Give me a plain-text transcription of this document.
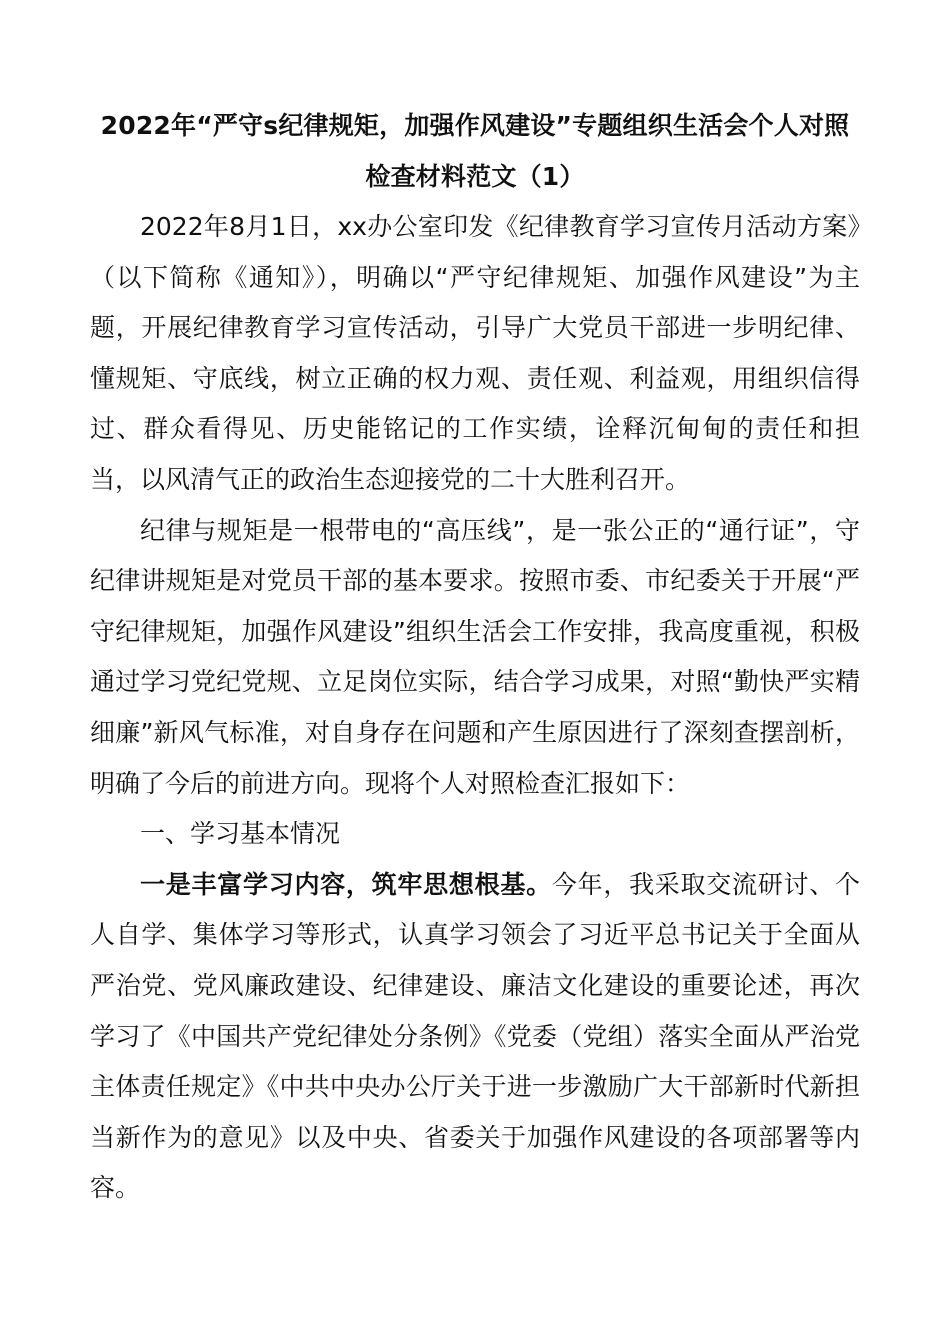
2022年“严守s纪律规矩，加强作风建设”专题组织生活会个人对照检查材料范文（1）

2022年8月1日，xx办公室印发《纪律教育学习宣传月活动方案》（以下简称《通知》），明确以“严守纪律规矩、加强作风建设”为主题，开展纪律教育学习宣传活动，引导广大党员干部进一步明纪律、懂规矩、守底线，树立正确的权力观、责任观、利益观，用组织信得过、群众看得见、历史能铭记的工作实绩，诠释沉甸甸的责任和担当，以风清气正的政治生态迎接党的二十大胜利召开。

纪律与规矩是一根带电的“高压线”，是一张公正的“通行证”，守纪律讲规矩是对党员干部的基本要求。按照市委、市纪委关于开展“严守纪律规矩，加强作风建设”组织生活会工作安排，我高度重视，积极通过学习党纪党规、立足岗位实际，结合学习成果，对照“勤快严实精细廉”新风气标准，对自身存在问题和产生原因进行了深刻查摆剖析，明确了今后的前进方向。现将个人对照检查汇报如下：

一、学习基本情况

一是丰富学习内容，筑牢思想根基。今年，我采取交流研讨、个人自学、集体学习等形式，认真学习领会了习近平总书记关于全面从严治党、党风廉政建设、纪律建设、廉洁文化建设的重要论述，再次学习了《中国共产党纪律处分条例》《党委（党组）落实全面从严治党主体责任规定》《中共中央办公厅关于进一步激励广大干部新时代新担当新作为的意见》以及中央、省委关于加强作风建设的各项部署等内容。
